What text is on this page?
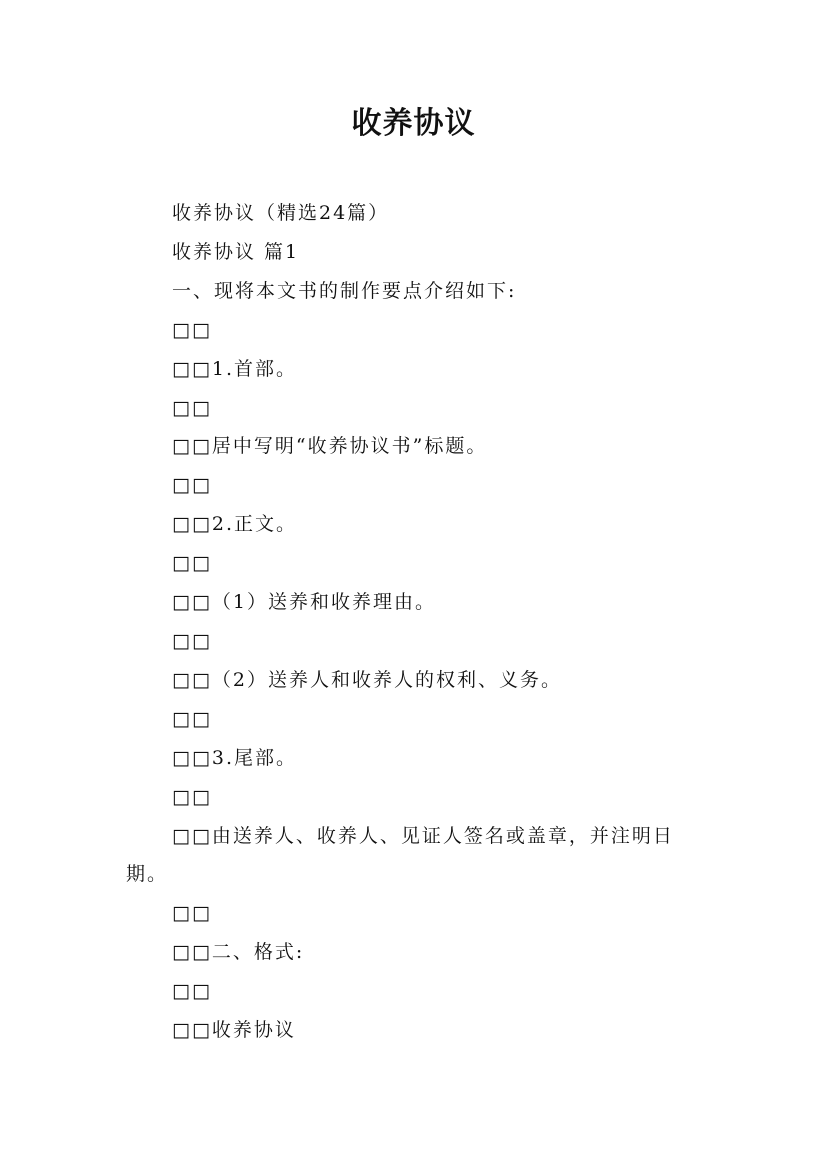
收养协议

收养协议（精选24篇）

收养协议 篇1

一、现将本文书的制作要点介绍如下:

□□

□□1.首部。

□□

□□居中写明“收养协议书”标题。

□□

□□2.正文。

□□

□□（1）送养和收养理由。

□□

□□（2）送养人和收养人的权利、义务。

□□

□□3.尾部。

□□

□□由送养人、收养人、见证人签名或盖章，并注明日期。

□□

□□二、格式:

□□

□□收养协议
